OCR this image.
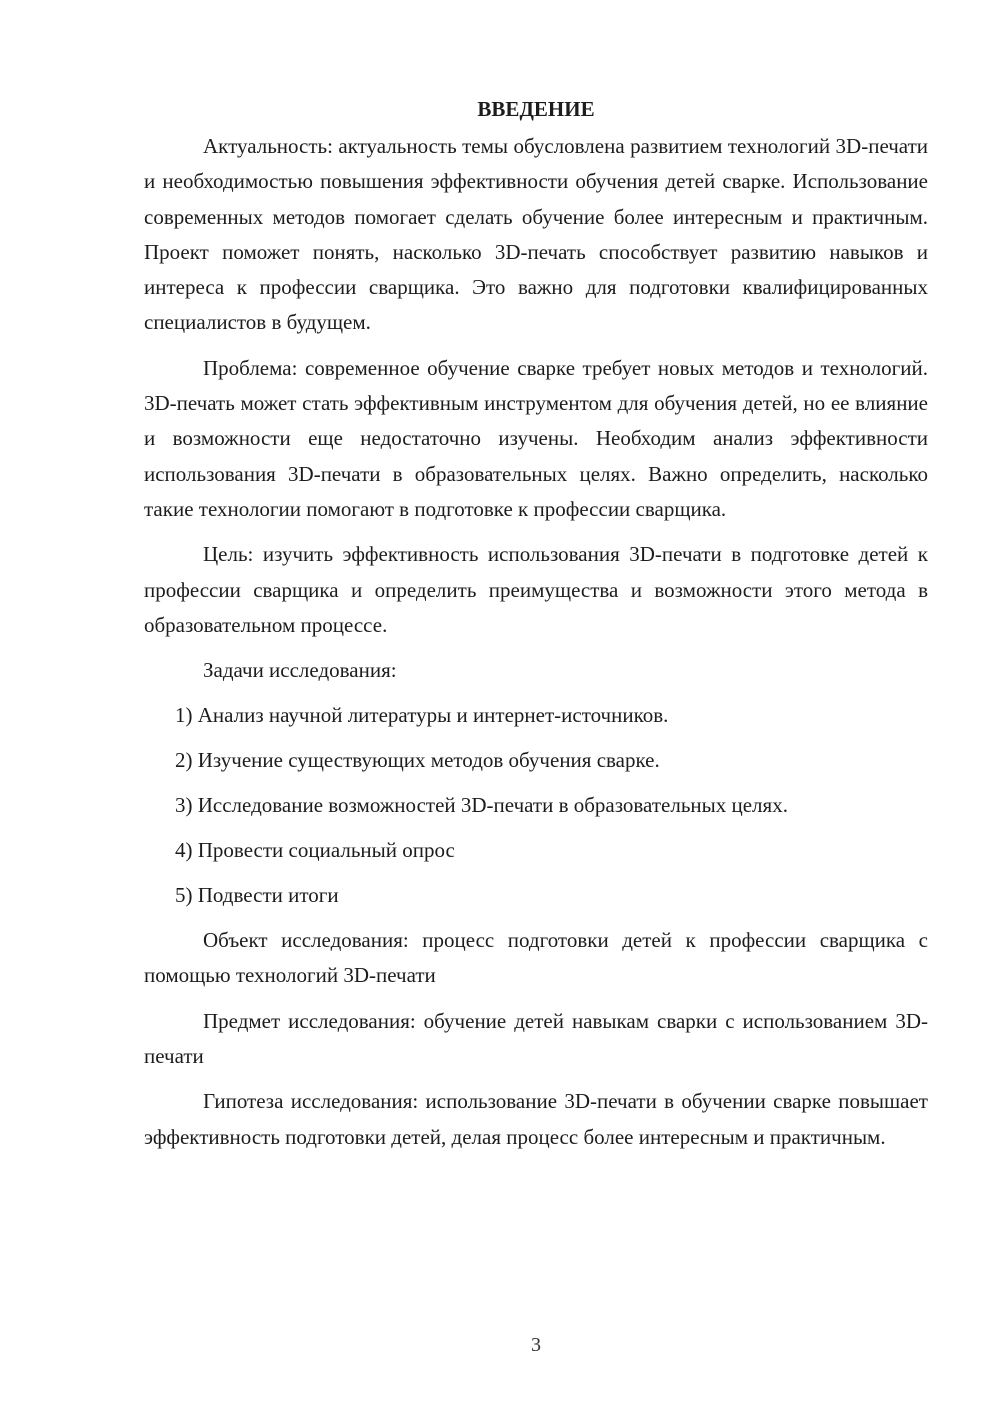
ВВЕДЕНИЕ

Актуальность: актуальность темы обусловлена развитием технологий 3D-печати и необходимостью повышения эффективности обучения детей сварке. Использование современных методов помогает сделать обучение более интересным и практичным. Проект поможет понять, насколько 3D-печать способствует развитию навыков и интереса к профессии сварщика. Это важно для подготовки квалифицированных специалистов в будущем.

Проблема: современное обучение сварке требует новых методов и технологий. 3D-печать может стать эффективным инструментом для обучения детей, но ее влияние и возможности еще недостаточно изучены. Необходим анализ эффективности использования 3D-печати в образовательных целях. Важно определить, насколько такие технологии помогают в подготовке к профессии сварщика.

Цель: изучить эффективность использования 3D-печати в подготовке детей к профессии сварщика и определить преимущества и возможности этого метода в образовательном процессе.

Задачи исследования:
1) Анализ научной литературы и интернет-источников.
2) Изучение существующих методов обучения сварке.
3) Исследование возможностей 3D-печати в образовательных целях.
4) Провести социальный опрос
5) Подвести итоги

Объект исследования: процесс подготовки детей к профессии сварщика с помощью технологий 3D-печати

Предмет исследования: обучение детей навыкам сварки с использованием 3D-печати

Гипотеза исследования: использование 3D-печати в обучении сварке повышает эффективность подготовки детей, делая процесс более интересным и практичным.

3
